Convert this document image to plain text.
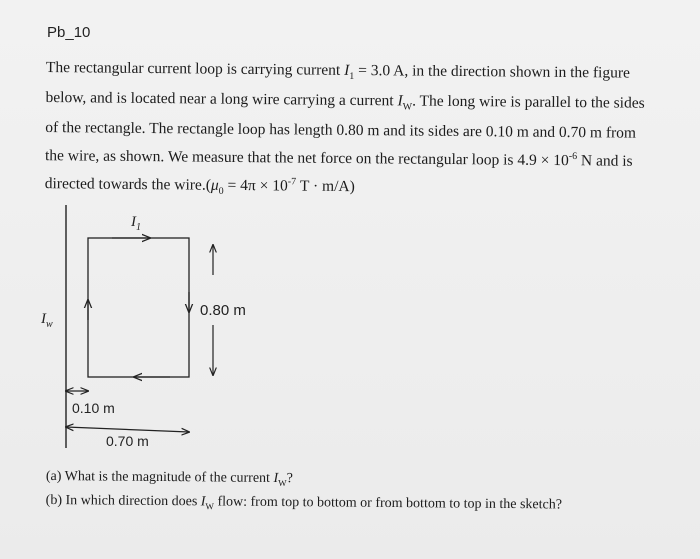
Pb_10
The rectangular current loop is carrying current $I_1 = 3.0$ A, in the direction shown in the figure
below, and is located near a long wire carrying a current $I_W$. The long wire is parallel to the sides
of the rectangle. The rectangle loop has length 0.80 m and its sides are 0.10 m and 0.70 m from
the wire, as shown. We measure that the net force on the rectangular loop is $4.9 \times 10^{-6}$ N and is
directed towards the $wire.(\mu_0 = 4\pi \times 10^{-7}$ T · m/A)
$I_1$
$I_w$
0.80 m
0.10 m
0.70 m
(a) What is the magnitude of the current $I_W$?
(b) In which direction does $I_W$ flow: from top to bottom or from bottom to top in the sketch?
